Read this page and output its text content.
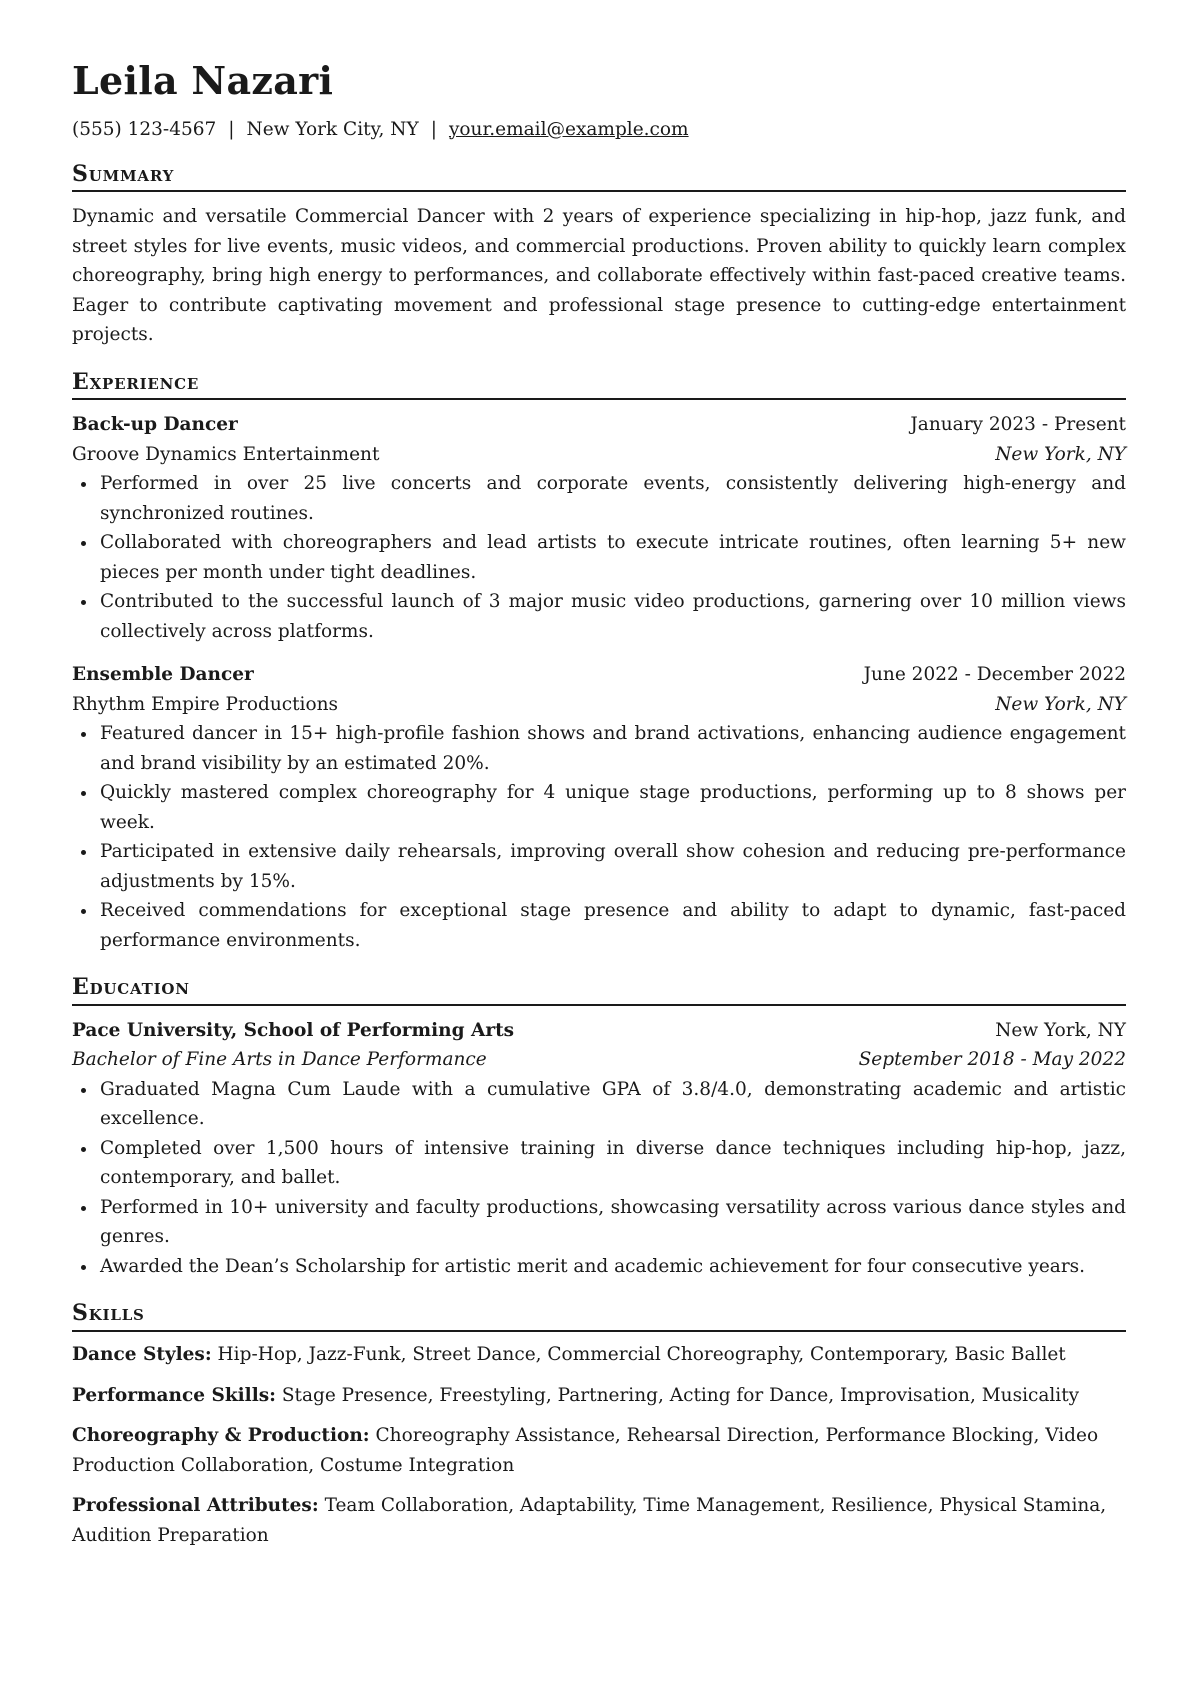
Leila Nazari
(555) 123-4567 | New York City, NY | your.email@example.com
Summary

Dynamic and versatile Commercial Dancer with 2 years of experience specializing in hip-hop, jazz funk, and street styles for live events, music videos, and commercial productions. Proven ability to quickly learn complex choreography, bring high energy to performances, and collaborate effectively within fast-paced creative teams. Eager to contribute captivating movement and professional stage presence to cutting-edge entertainment projects.

Experience
Back-up Dancer	January 2023 - Present
Groove Dynamics Entertainment	New York, NY
Performed in over 25 live concerts and corporate events, consistently delivering high-energy and synchronized routines.
Collaborated with choreographers and lead artists to execute intricate routines, often learning 5+ new pieces per month under tight deadlines.
Contributed to the successful launch of 3 major music video productions, garnering over 10 million views collectively across platforms.
Ensemble Dancer	June 2022 - December 2022
Rhythm Empire Productions	New York, NY
Featured dancer in 15+ high-profile fashion shows and brand activations, enhancing audience engagement and brand visibility by an estimated 20%.
Quickly mastered complex choreography for 4 unique stage productions, performing up to 8 shows per week.
Participated in extensive daily rehearsals, improving overall show cohesion and reducing pre-performance adjustments by 15%.
Received commendations for exceptional stage presence and ability to adapt to dynamic, fast-paced performance environments.
Education
Pace University, School of Performing Arts	New York, NY
Bachelor of Fine Arts in Dance Performance	September 2018 - May 2022
Graduated Magna Cum Laude with a cumulative GPA of 3.8/4.0, demonstrating academic and artistic excellence.
Completed over 1,500 hours of intensive training in diverse dance techniques including hip-hop, jazz, contemporary, and ballet.
Performed in 10+ university and faculty productions, showcasing versatility across various dance styles and genres.
Awarded the Dean’s Scholarship for artistic merit and academic achievement for four consecutive years.
Skills
Dance Styles: Hip-Hop, Jazz-Funk, Street Dance, Commercial Choreography, Contemporary, Basic Ballet
Performance Skills: Stage Presence, Freestyling, Partnering, Acting for Dance, Improvisation, Musicality
Choreography & Production: Choreography Assistance, Rehearsal Direction, Performance Blocking, Video Production Collaboration, Costume Integration
Professional Attributes: Team Collaboration, Adaptability, Time Management, Resilience, Physical Stamina, Audition Preparation
